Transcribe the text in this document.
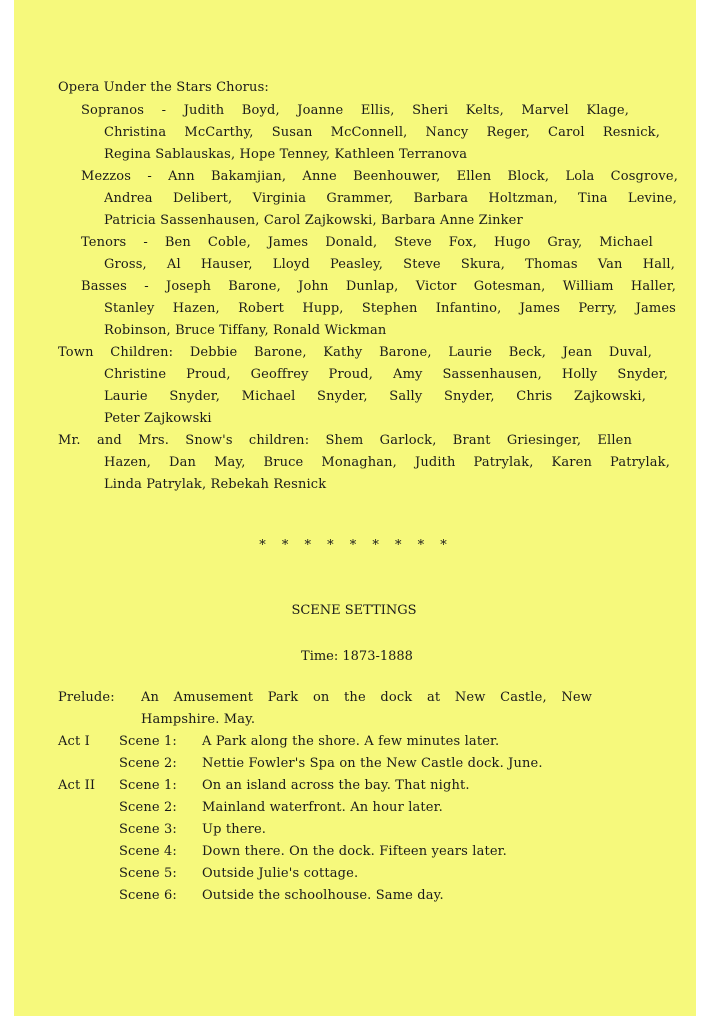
Opera Under the Stars Chorus:
Sopranos - Judith Boyd, Joanne Ellis, Sheri Kelts, Marvel Klage,
Christina McCarthy, Susan McConnell, Nancy Reger, Carol Resnick,
Regina Sablauskas, Hope Tenney, Kathleen Terranova
Mezzos - Ann Bakamjian, Anne Beenhouwer, Ellen Block, Lola Cosgrove,
Andrea Delibert, Virginia Grammer, Barbara Holtzman, Tina Levine,
Patricia Sassenhausen, Carol Zajkowski, Barbara Anne Zinker
Tenors - Ben Coble, James Donald, Steve Fox, Hugo Gray, Michael
Gross, Al Hauser, Lloyd Peasley, Steve Skura, Thomas Van Hall,
Basses - Joseph Barone, John Dunlap, Victor Gotesman, William Haller,
Stanley Hazen, Robert Hupp, Stephen Infantino, James Perry, James
Robinson, Bruce Tiffany, Ronald Wickman
Town Children: Debbie Barone, Kathy Barone, Laurie Beck, Jean Duval,
Christine Proud, Geoffrey Proud, Amy Sassenhausen, Holly Snyder,
Laurie Snyder, Michael Snyder, Sally Snyder, Chris Zajkowski,
Peter Zajkowski
Mr. and Mrs. Snow's children: Shem Garlock, Brant Griesinger, Ellen
Hazen, Dan May, Bruce Monaghan, Judith Patrylak, Karen Patrylak,
Linda Patrylak, Rebekah Resnick
* * * * * * * * *
SCENE SETTINGS
Time: 1873-1888
Prelude: An Amusement Park on the dock at New Castle, New
Hampshire. May.
Act I Scene 1: A Park along the shore. A few minutes later.
Scene 2: Nettie Fowler's Spa on the New Castle dock. June.
Act II Scene 1: On an island across the bay. That night.
Scene 2: Mainland waterfront. An hour later.
Scene 3: Up there.
Scene 4: Down there. On the dock. Fifteen years later.
Scene 5: Outside Julie's cottage.
Scene 6: Outside the schoolhouse. Same day.
